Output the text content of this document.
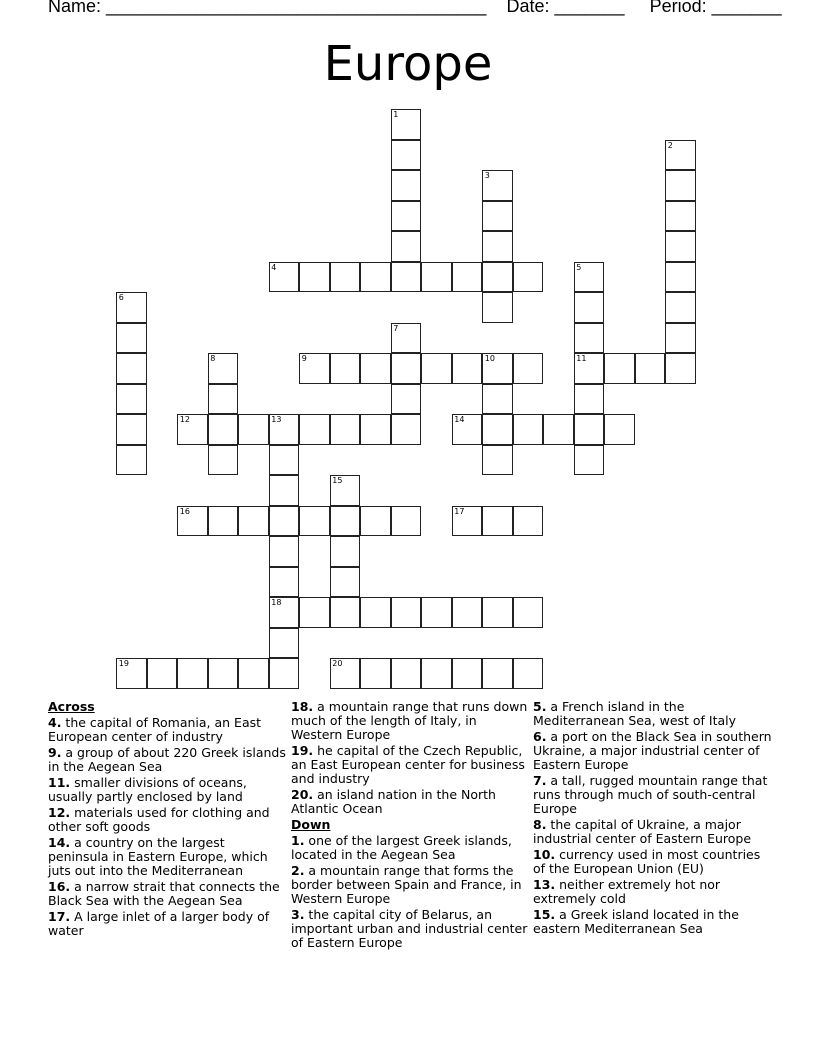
Name: ______________________________________ Date: _______ Period: _______
Europe
1
2
3
4	5
11
6
7
8	9	10
12	13
18
14
15
16	17
19	20
Across
4. the capital of Romania, an East European center of industry
9. a group of about 220 Greek islands in the Aegean Sea
11. smaller divisions of oceans, usually partly enclosed by land
12. materials used for clothing and other soft goods
14. a country on the largest peninsula in Eastern Europe, which juts out into the Mediterranean
16. a narrow strait that connects the Black Sea with the Aegean Sea
17. A large inlet of a larger body of water
18. a mountain range that runs down much of the length of Italy, in Western Europe
19. he capital of the Czech Republic, an East European center for business and industry
20. an island nation in the North Atlantic Ocean
Down
1. one of the largest Greek islands, located in the Aegean Sea
2. a mountain range that forms the border between Spain and France, in Western Europe
3. the capital city of Belarus, an important urban and industrial center of Eastern Europe
5. a French island in the Mediterranean Sea, west of Italy
6. a port on the Black Sea in southern Ukraine, a major industrial center of Eastern Europe
7. a tall, rugged mountain range that runs through much of south-central Europe
8. the capital of Ukraine, a major industrial center of Eastern Europe
10. currency used in most countries of the European Union (EU)
13. neither extremely hot nor extremely cold
15. a Greek island located in the eastern Mediterranean Sea
